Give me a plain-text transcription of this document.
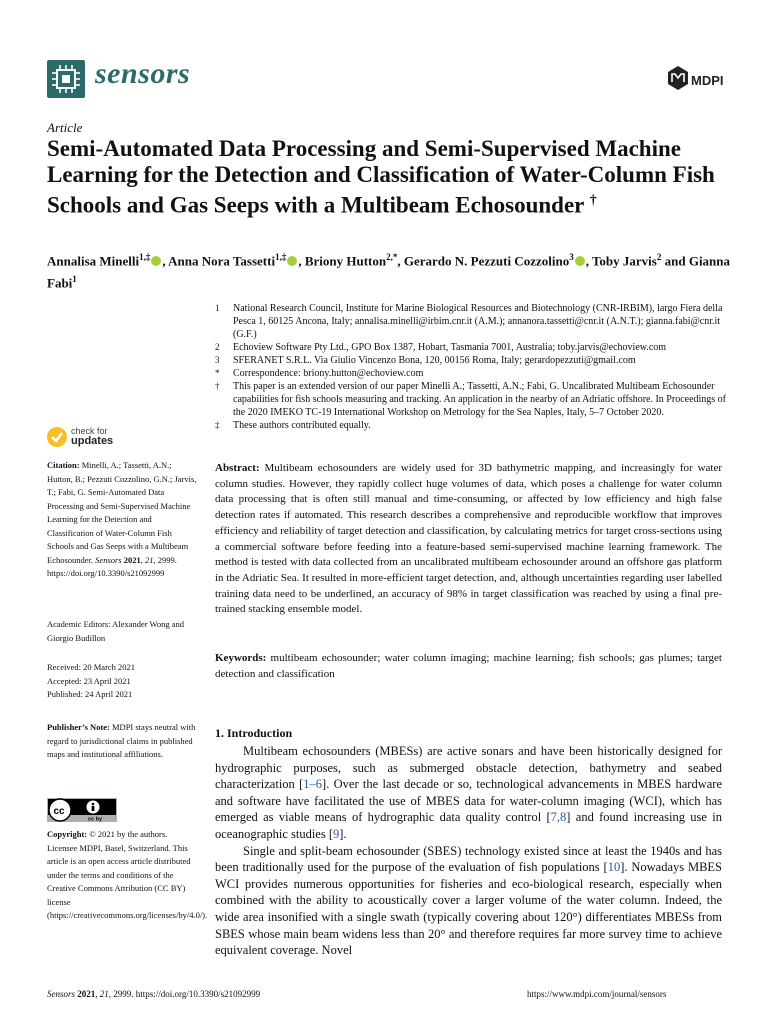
sensors	MDPI
Article
Semi-Automated Data Processing and Semi-Supervised Machine Learning for the Detection and Classification of Water-Column Fish Schools and Gas Seeps with a Multibeam Echosounder †
Annalisa Minelli$^{1,\ddagger}$ , Anna Nora Tassetti$^{1,\ddagger}$ , Briony Hutton$^{2,*}$, Gerardo N. Pezzuti Cozzolino$^3$ , Toby Jarvis$^2$ and Gianna Fabi$^1$
1 National Research Council, Institute for Marine Biological Resources and Biotechnology (CNR-IRBIM), largo Fiera della Pesca 1, 60125 Ancona, Italy; annalisa.minelli@irbim.cnr.it (A.M.); annanora.tassetti@cnr.it (A.N.T.); gianna.fabi@cnr.it (G.F.)
2 Echoview Software Pty Ltd., GPO Box 1387, Hobart, Tasmania 7001, Australia; toby.jarvis@echoview.com
3 SFERANET S.R.L. Via Giulio Vincenzo Bona, 120, 00156 Roma, Italy; gerardopezzuti@gmail.com
* Correspondence: briony.hutton@echoview.com
† This paper is an extended version of our paper Minelli A.; Tassetti, A.N.; Fabi, G. Uncalibrated Multibeam Echosounder capabilities for fish schools measuring and tracking. An application in the nearby of an Adriatic offshore. In Proceedings of the 2020 IMEKO TC-19 International Workshop on Metrology for the Sea Naples, Italy, 5–7 October 2020.
‡ These authors contributed equally.
check for
updates
Citation: Minelli, A.; Tassetti, A.N.; Hutton, B.; Pezzuti Cozzolino, G.N.; Jarvis, T.; Fabi, G. Semi-Automated Data Processing and Semi-Supervised Machine Learning for the Detection and Classification of Water-Column Fish Schools and Gas Seeps with a Multibeam Echosounder. Sensors 2021, 21, 2999. https://doi.org/10.3390/s21092999
Academic Editors: Alexander Wong and Giorgio Budillon
Received: 20 March 2021
Accepted: 23 April 2021
Published: 24 April 2021
Publisher’s Note: MDPI stays neutral with regard to jurisdictional claims in published maps and institutional affiliations.
cc
cc by
Copyright: © 2021 by the authors. Licensee MDPI, Basel, Switzerland. This article is an open access article distributed under the terms and conditions of the Creative Commons Attribution (CC BY) license (https://creativecommons.org/licenses/by/4.0/).
Abstract: Multibeam echosounders are widely used for 3D bathymetric mapping, and increasingly for water column studies. However, they rapidly collect huge volumes of data, which poses a challenge for water column data processing that is often still manual and time-consuming, or affected by low efficiency and high false detection rates if automated. This research describes a comprehensive and reproducible workflow that improves efficiency and reliability of target detection and classification, by calculating metrics for target cross-sections using a commercial software before feeding into a feature-based semi-supervised machine learning framework. The method is tested with data collected from an uncalibrated multibeam echosounder around an offshore gas platform in the Adriatic Sea. It resulted in more-efficient target detection, and, although uncertainties regarding user labelled training data need to be underlined, an accuracy of 98% in target classification was reached by using a final pre-trained stacking ensemble model.
Keywords: multibeam echosounder; water column imaging; machine learning; fish schools; gas plumes; target detection and classification
1. Introduction

Multibeam echosounders (MBESs) are active sonars and have been historically designed for hydrographic purposes, such as submerged obstacle detection, bathymetry and seabed characterization [1–6]. Over the last decade or so, technological advancements in MBES hardware and software have facilitated the use of MBES data for water-column imaging (WCI), which has emerged as viable means of hydrographic data quality control [7,8] and found increasing use in oceanographic studies [9].

Single and split-beam echosounder (SBES) technology existed since at least the 1940s and has been traditionally used for the purpose of the evaluation of fish populations [10]. Nowadays MBES WCI provides numerous opportunities for fisheries and eco-biological research, especially when combined with the ability to acoustically cover a larger volume of the water column. Indeed, the wide area insonified with a single swath (typically covering about 120°) differentiates MBESs from SBES whose main beam widens less than 20° and therefore requires far more survey time to achieve equivalent coverage. Novel

Sensors 2021, 21, 2999. https://doi.org/10.3390/s21092999	https://www.mdpi.com/journal/sensors
